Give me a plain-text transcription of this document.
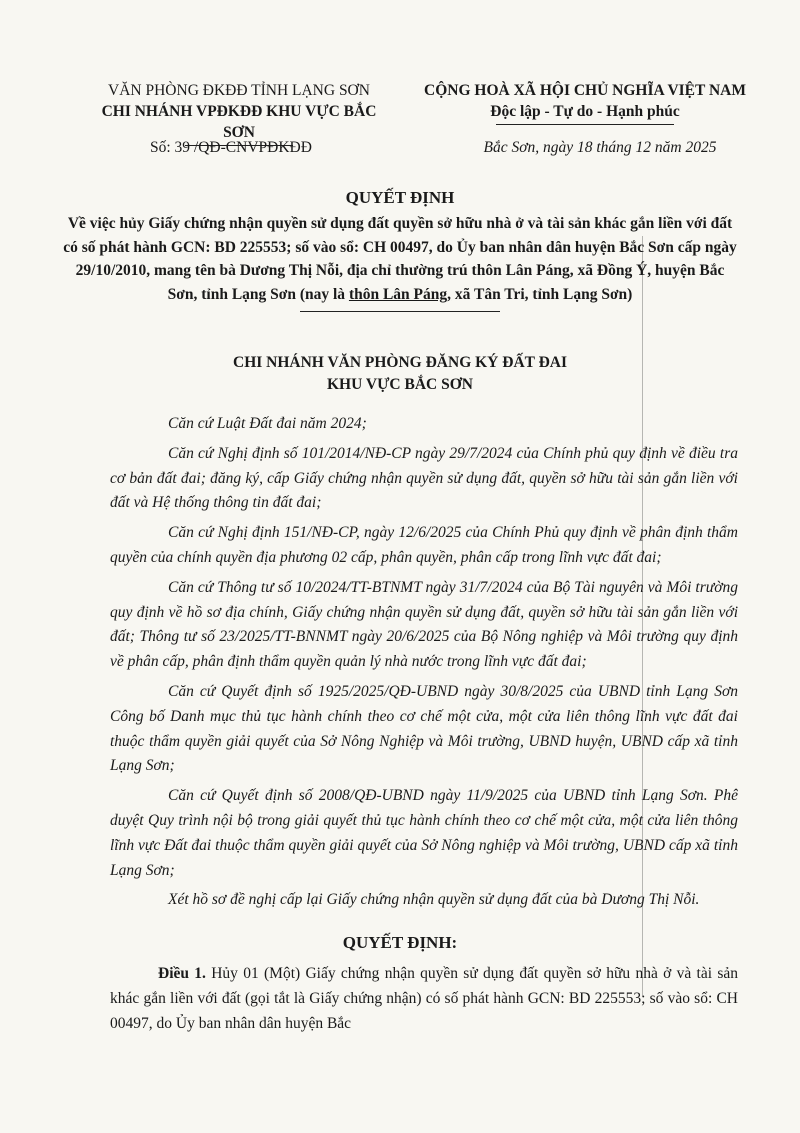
VĂN PHÒNG ĐKĐĐ TỈNH LẠNG SƠN
CHI NHÁNH VPĐKĐĐ KHU VỰC BẮC SƠN
CỘNG HOÀ XÃ HỘI CHỦ NGHĨA VIỆT NAM
Độc lập - Tự do - Hạnh phúc
Số: 39 /QĐ-CNVPĐKĐĐ	Bắc Sơn, ngày 18 tháng 12 năm 2025
QUYẾT ĐỊNH
Về việc hủy Giấy chứng nhận quyền sử dụng đất quyền sở hữu nhà ở và tài sản khác gắn liền với đất có số phát hành GCN: BD 225553; số vào sổ: CH 00497, do Ủy ban nhân dân huyện Bắc Sơn cấp ngày 29/10/2010, mang tên bà Dương Thị Nỗi, địa chỉ thường trú thôn Lân Páng, xã Đồng Ý, huyện Bắc Sơn, tỉnh Lạng Sơn (nay là thôn Lân Páng, xã Tân Tri, tỉnh Lạng Sơn)
CHI NHÁNH VĂN PHÒNG ĐĂNG KÝ ĐẤT ĐAI
KHU VỰC BẮC SƠN

Căn cứ Luật Đất đai năm 2024;

Căn cứ Nghị định số 101/2014/NĐ-CP ngày 29/7/2024 của Chính phủ quy định về điều tra cơ bản đất đai; đăng ký, cấp Giấy chứng nhận quyền sử dụng đất, quyền sở hữu tài sản gắn liền với đất và Hệ thống thông tin đất đai;

Căn cứ Nghị định 151/NĐ-CP, ngày 12/6/2025 của Chính Phủ quy định về phân định thẩm quyền của chính quyền địa phương 02 cấp, phân quyền, phân cấp trong lĩnh vực đất đai;

Căn cứ Thông tư số 10/2024/TT-BTNMT ngày 31/7/2024 của Bộ Tài nguyên và Môi trường quy định về hồ sơ địa chính, Giấy chứng nhận quyền sử dụng đất, quyền sở hữu tài sản gắn liền với đất; Thông tư số 23/2025/TT-BNNMT ngày 20/6/2025 của Bộ Nông nghiệp và Môi trường quy định về phân cấp, phân định thẩm quyền quản lý nhà nước trong lĩnh vực đất đai;

Căn cứ Quyết định số 1925/2025/QĐ-UBND ngày 30/8/2025 của UBND tỉnh Lạng Sơn Công bố Danh mục thủ tục hành chính theo cơ chế một cửa, một cửa liên thông lĩnh vực đất đai thuộc thẩm quyền giải quyết của Sở Nông Nghiệp và Môi trường, UBND huyện, UBND cấp xã tỉnh Lạng Sơn;

Căn cứ Quyết định số 2008/QĐ-UBND ngày 11/9/2025 của UBND tỉnh Lạng Sơn. Phê duyệt Quy trình nội bộ trong giải quyết thủ tục hành chính theo cơ chế một cửa, một cửa liên thông lĩnh vực Đất đai thuộc thẩm quyền giải quyết của Sở Nông nghiệp và Môi trường, UBND cấp xã tỉnh Lạng Sơn;

Xét hồ sơ đề nghị cấp lại Giấy chứng nhận quyền sử dụng đất của bà Dương Thị Nỗi.

QUYẾT ĐỊNH:
Điều 1. Hủy 01 (Một) Giấy chứng nhận quyền sử dụng đất quyền sở hữu nhà ở và tài sản khác gắn liền với đất (gọi tắt là Giấy chứng nhận) có số phát hành GCN: BD 225553; số vào sổ: CH 00497, do Ủy ban nhân dân huyện Bắc
